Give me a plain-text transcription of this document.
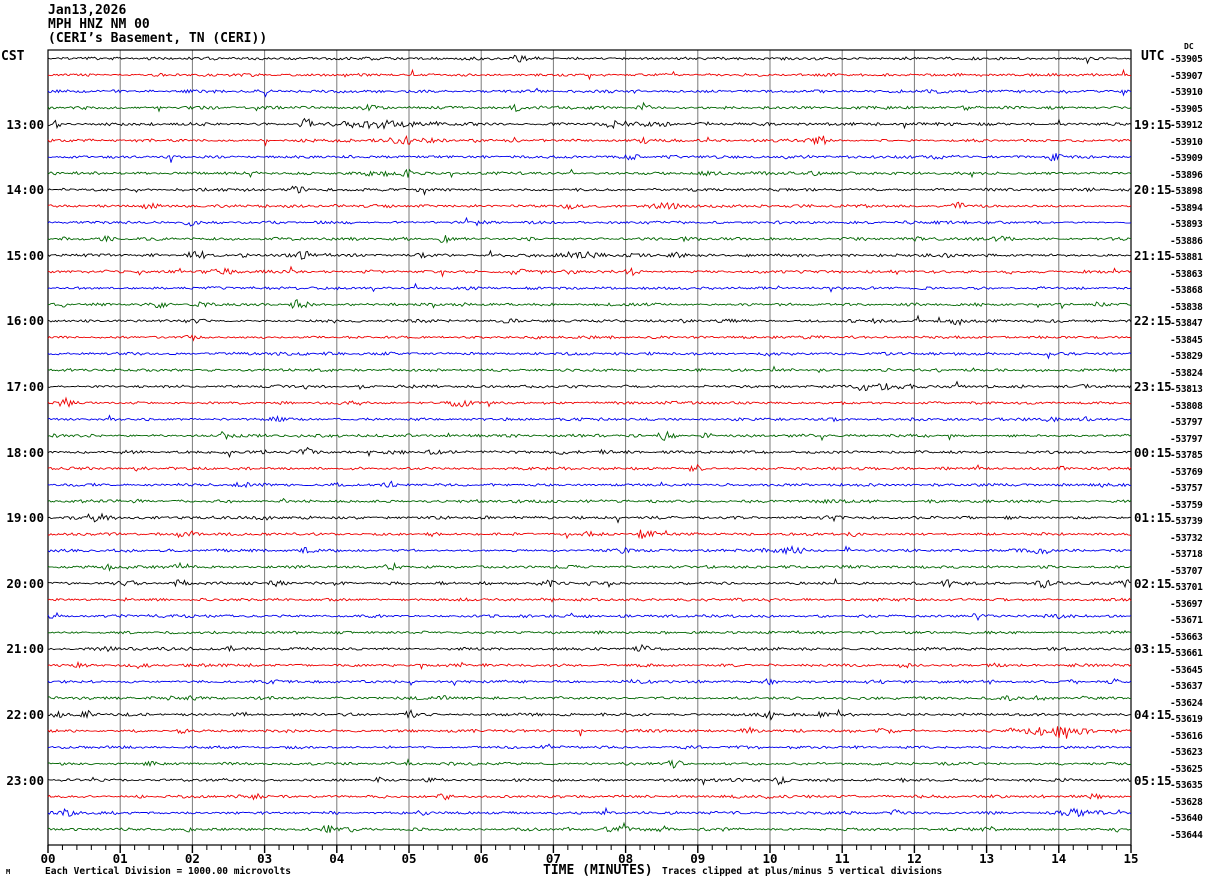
Jan13,2026
MPH HNZ NM 00
(CERI’s Basement, TN (CERI))
CST	UTC
DC
-53905
-53907
-53910
-53905
13:00	19:15
-53912
-53910
-53909
-53896
14:00	20:15
-53898
-53894
-53893
-53886
15:00	21:15
-53881
-53863
-53868
-53838
16:00	22:15
-53847
-53845
-53829
-53824
17:00	23:15
-53813
-53808
-53797
-53797
18:00	00:15
-53785
-53769
-53757
-53759
19:00	01:15
-53739
-53732
-53718
-53707
20:00	02:15
-53701
-53697
-53671
-53663
21:00	03:15
-53661
-53645
-53637
-53624
22:00	04:15
-53619
-53616
-53623
-53625
23:00	05:15
-53635
-53628
-53640
-53644
00	01	02	03	04	05	06	07	08	09	10	11	12	13	14	15
M	Each Vertical Division = 1000.00 microvolts	TIME (MINUTES) Traces clipped at plus/minus 5 vertical divisions
